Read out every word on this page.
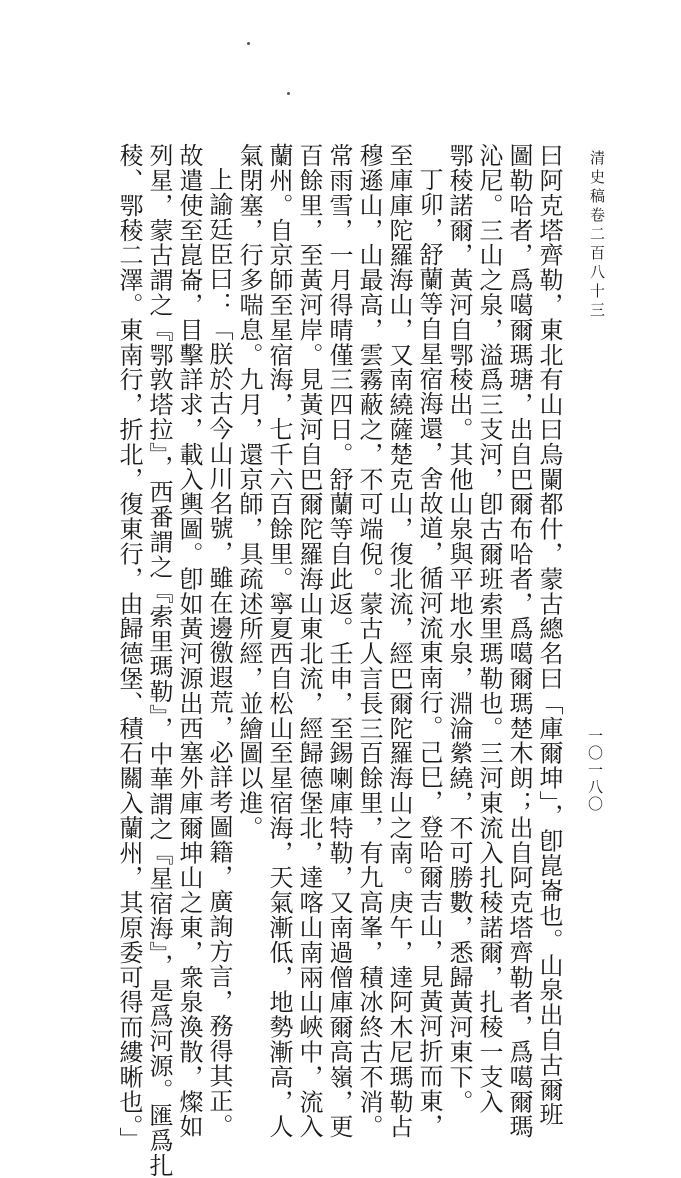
清史稿卷二百八十三
一〇一八〇
曰阿克塔齊勒，東北有山曰烏闌都什，蒙古總名曰「庫爾坤」，卽崑崙也。山泉出自古爾班
圖勒哈者，爲噶爾瑪瑭，出自巴爾布哈者，爲噶爾瑪楚木朗；出自阿克塔齊勒者，爲噶爾瑪
沁尼。三山之泉，溢爲三支河，卽古爾班索里瑪勒也。三河東流入扎稜諾爾，扎稜一支入
鄂稜諾爾，黃河自鄂稜出。其他山泉與平地水泉，淵淪縈繞，不可勝數，悉歸黃河東下。
丁卯，舒蘭等自星宿海還，舍故道，循河流東南行。己巳，登哈爾吉山，見黃河折而東，
至庫庫陀羅海山，又南繞薩楚克山，復北流，經巴爾陀羅海山之南。庚午，達阿木尼瑪勒占
穆遜山，山最高，雲霧蔽之，不可端倪。蒙古人言長三百餘里，有九高峯，積冰終古不消。
常雨雪，一月得晴僅三四日。舒蘭等自此返。壬申，至錫喇庫特勒，又南過僧庫爾高嶺，更
百餘里，至黃河岸。見黃河自巴爾陀羅海山東北流，經歸德堡北，達喀山南兩山峽中，流入
蘭州。自京師至星宿海，七千六百餘里。寧夏西自松山至星宿海，天氣漸低，地勢漸高，人
氣閉塞，行多喘息。九月，還京師，具疏述所經，並繪圖以進。
上諭廷臣曰：「朕於古今山川名號，雖在邊徼遐荒，必詳考圖籍，廣詢方言，務得其正。
故遣使至崑崙，目擊詳求，載入輿圖。卽如黃河源出西塞外庫爾坤山之東，衆泉渙散，燦如
列星，蒙古謂之『鄂敦塔拉』，西番謂之『索里瑪勒』，中華謂之『星宿海』，是爲河源。匯爲扎
稜、鄂稜二澤。東南行，折北，復東行，由歸德堡、積石關入蘭州，其原委可得而縷晰也。」
